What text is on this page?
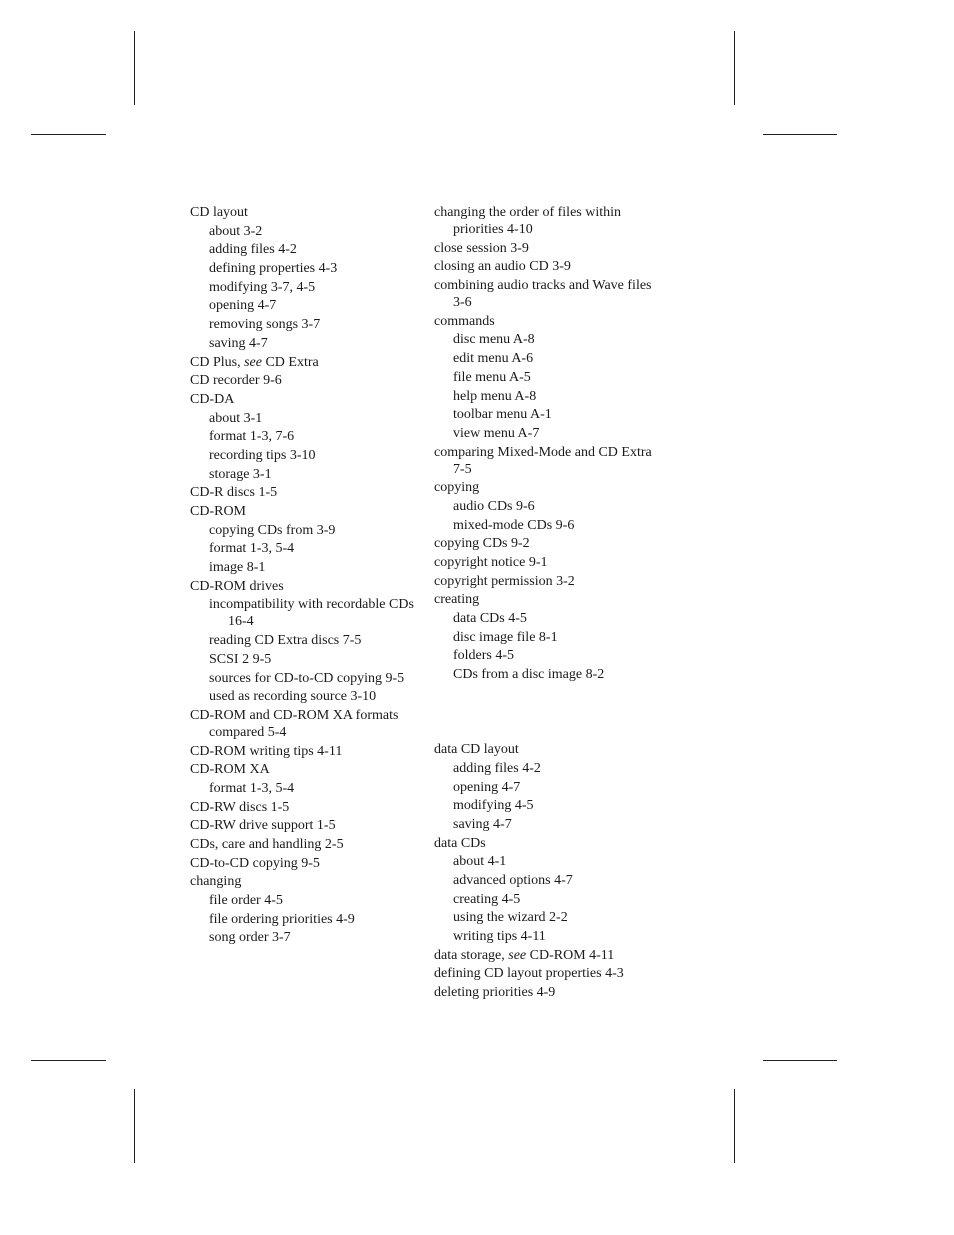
CD layout
about 3-2
adding files 4-2
defining properties 4-3
modifying 3-7, 4-5
opening 4-7
removing songs 3-7
saving 4-7
CD Plus, see CD Extra
CD recorder 9-6
CD-DA
about 3-1
format 1-3, 7-6
recording tips 3-10
storage 3-1
CD-R discs 1-5
CD-ROM
copying CDs from 3-9
format 1-3, 5-4
image 8-1
CD-ROM drives
incompatibility with recordable CDs 16-4
reading CD Extra discs 7-5
SCSI 2 9-5
sources for CD-to-CD copying 9-5
used as recording source 3-10
CD-ROM and CD-ROM XA formats compared 5-4
CD-ROM writing tips 4-11
CD-ROM XA
format 1-3, 5-4
CD-RW discs 1-5
CD-RW drive support 1-5
CDs, care and handling 2-5
CD-to-CD copying 9-5
changing
file order 4-5
file ordering priorities 4-9
song order 3-7
changing the order of files within priorities 4-10
close session 3-9
closing an audio CD 3-9
combining audio tracks and Wave files 3-6
commands
disc menu A-8
edit menu A-6
file menu A-5
help menu A-8
toolbar menu A-1
view menu A-7
comparing Mixed-Mode and CD Extra 7-5
copying
audio CDs 9-6
mixed-mode CDs 9-6
copying CDs 9-2
copyright notice 9-1
copyright permission 3-2
creating
data CDs 4-5
disc image file 8-1
folders 4-5
CDs from a disc image 8-2
data CD layout
adding files 4-2
opening 4-7
modifying 4-5
saving 4-7
data CDs
about 4-1
advanced options 4-7
creating 4-5
using the wizard 2-2
writing tips 4-11
data storage, see CD-ROM 4-11
defining CD layout properties 4-3
deleting priorities 4-9
